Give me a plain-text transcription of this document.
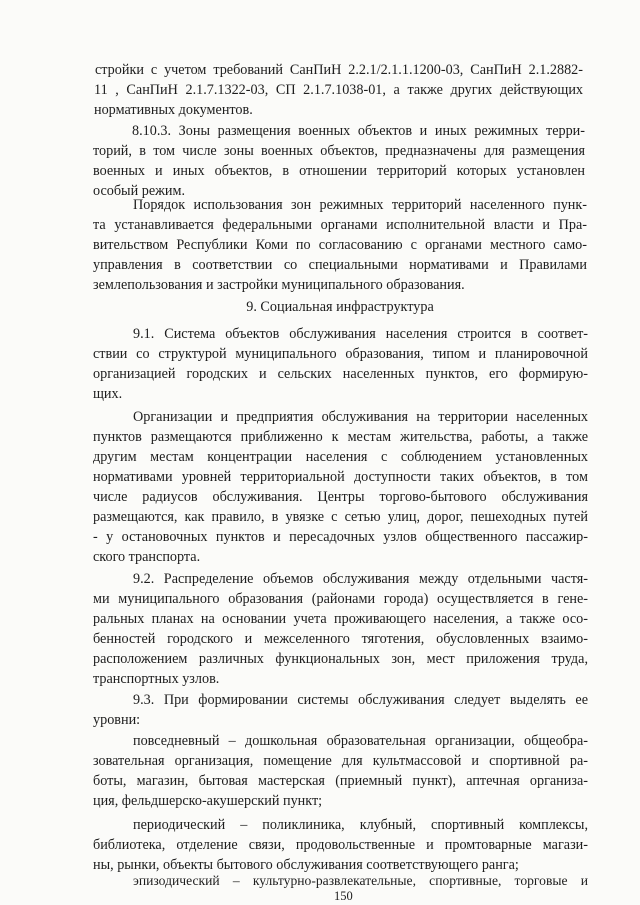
стройки с учетом требований СанПиН 2.2.1/2.1.1.1200-03, СанПиН 2.1.2882-
11 , СанПиН 2.1.7.1322-03, СП 2.1.7.1038-01, а также других действующих
нормативных документов.
8.10.3. Зоны размещения военных объектов и иных режимных терри-
торий, в том числе зоны военных объектов, предназначены для размещения
военных и иных объектов, в отношении территорий которых установлен
особый режим.
Порядок использования зон режимных территорий населенного пунк-
та устанавливается федеральными органами исполнительной власти и Пра-
вительством Республики Коми по согласованию с органами местного само-
управления в соответствии со специальными нормативами и Правилами
землепользования и застройки муниципального образования.
9. Социальная инфраструктура
9.1. Система объектов обслуживания населения строится в соответ-
ствии со структурой муниципального образования, типом и планировочной
организацией городских и сельских населенных пунктов, его формирую-
щих.
Организации и предприятия обслуживания на территории населенных
пунктов размещаются приближенно к местам жительства, работы, а также
другим местам концентрации населения с соблюдением установленных
нормативами уровней территориальной доступности таких объектов, в том
числе радиусов обслуживания. Центры торгово-бытового обслуживания
размещаются, как правило, в увязке с сетью улиц, дорог, пешеходных путей
- у остановочных пунктов и пересадочных узлов общественного пассажир-
ского транспорта.
9.2. Распределение объемов обслуживания между отдельными частя-
ми муниципального образования (районами города) осуществляется в гене-
ральных планах на основании учета проживающего населения, а также осо-
бенностей городского и межселенного тяготения, обусловленных взаимо-
расположением различных функциональных зон, мест приложения труда,
транспортных узлов.
9.3. При формировании системы обслуживания следует выделять ее
уровни:
повседневный – дошкольная образовательная организации, общеобра-
зовательная организация, помещение для культмассовой и спортивной ра-
боты, магазин, бытовая мастерская (приемный пункт), аптечная организа-
ция, фельдшерско-акушерский пункт;
периодический – поликлиника, клубный, спортивный комплексы,
библиотека, отделение связи, продовольственные и промтоварные магази-
ны, рынки, объекты бытового обслуживания соответствующего ранга;
эпизодический – культурно-развлекательные, спортивные, торговые и
150
